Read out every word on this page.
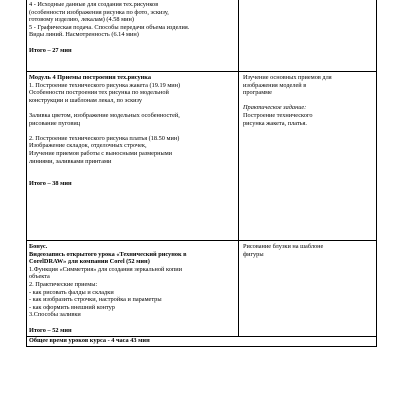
4 - Исходные данные для создания тех.рисунков
(особенности изображения рисунка по фото, эскизу,
готовому изделию, лекалам) (4.58 мин)
5 - Графическая подача. Способы передачи объема изделия.
Виды линий. Насмотренность (6.14 мин)

Итого – 27 мин
Модуль 4 Приемы построения тех.рисунка
1. Построение технического рисунка жакета (19.19 мин)
Особенности построения тех рисунка по модельной
конструкции и шаблонам лекал, по эскизу

Заливка цветом, изображение модельных особенностей,
рисование пуговиц

2. Построение технического рисунка платья (18.50 мин)
Изображение складок, отделочных строчек,
Изучение приемов работы с выносными размерными
линиями, заливками принтами

Итого – 38 мин
Изучение основных приемов для
изображения моделей в
программе

Практическое задание:
Построение технического
рисунка жакета, платья.
Бонус.
Видеозапись открытого урока «Технический рисунок в
CorelDRAW» для компании Corel (52 мин)
1.Функция «Симметрия» для создания зеркальной копии
объекта
2. Практические приемы:
- как рисовать фалды и складки
- как изобразить строчки, настройка и параметры
- как оформить внешний контур
3.Способы заливки

Итого – 52 мин
Рисование блузки на шаблоне
фигуры
Общее время уроков курса - 4 часа 43 мин
